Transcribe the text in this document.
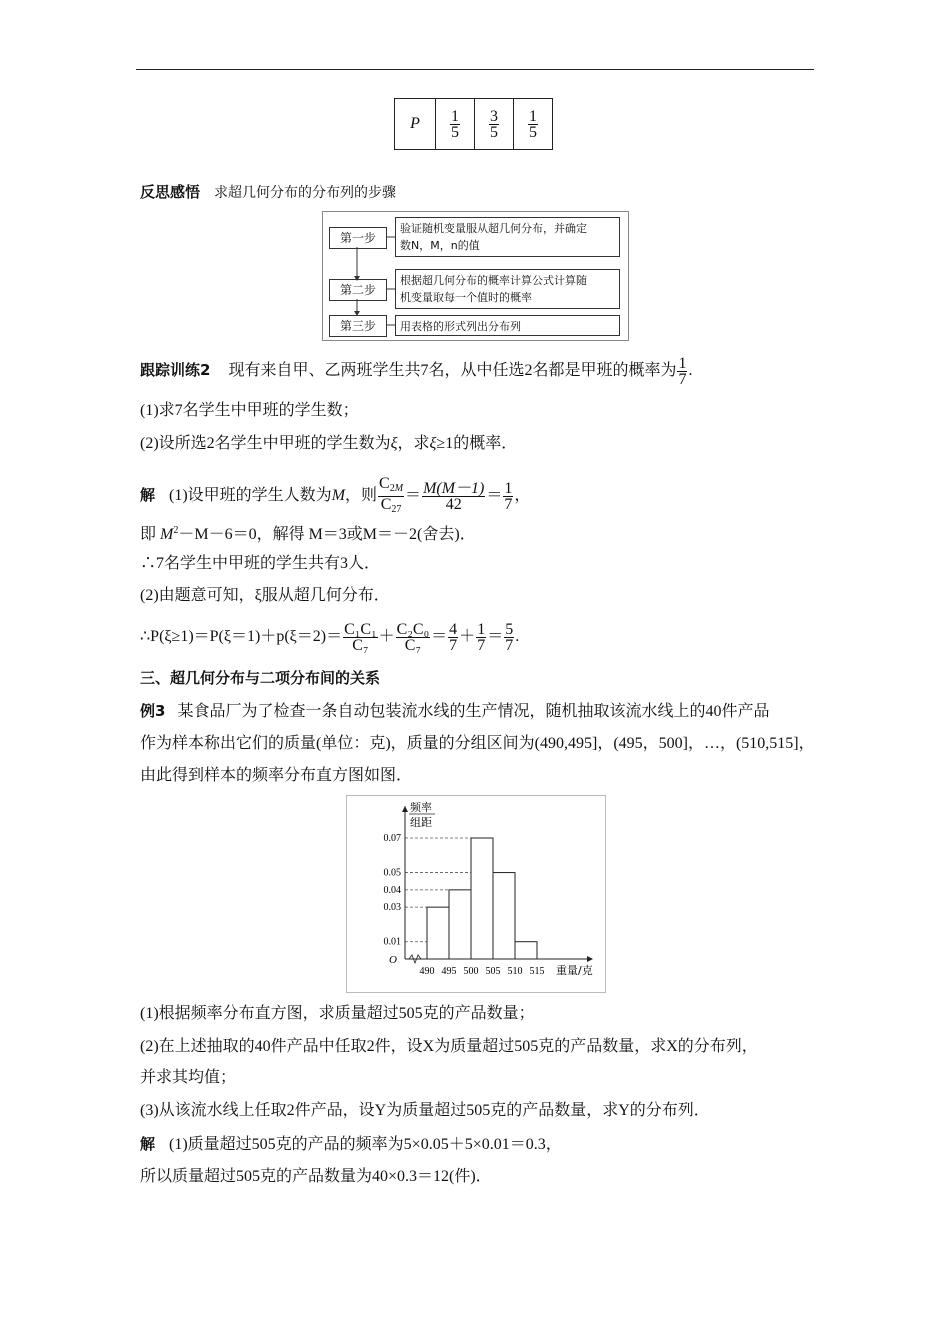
P	$\frac{1}{5}$	$\frac{3}{5}$	$\frac{1}{5}$
反思感悟 求超几何分布的分布列的步骤
第一步
验证随机变量服从超几何分布，并确定
数N，M，n的值
第二步
根据超几何分布的概率计算公式计算随
机变量取每一个值时的概率
第三步	用表格的形式列出分布列
跟踪训练2 现有来自甲、乙两班学生共7名，从中任选2名都是甲班的概率为 $\frac{1}{7}$ .
(1)求7名学生中甲班的学生数；
(2)设所选2名学生中甲班的学生数为ξ，求ξ≥1的概率．
解 (1)设甲班的学生人数为M，则 $\frac{C_{2M}}{C_{27}} = \frac{M(M-1)}{42} = \frac{1}{7}$ ，
即 $M^2-M-6=0$，解得 M＝3或M＝－2(舍去)．
∴7名学生中甲班的学生共有3人．
(2)由题意可知，ξ服从超几何分布．
∴P(ξ≥1)＝P(ξ＝1)＋p(ξ＝2)＝ $\frac{\text{C₁C₁}}{\text{C₇}} + \frac{\text{C₂C₀}}{\text{C₇}} = \frac{4}{7} + \frac{1}{7} = \frac{5}{7}$ .
三、超几何分布与二项分布间的关系
例3 某食品厂为了检查一条自动包装流水线的生产情况，随机抽取该流水线上的40件产品
作为样本称出它们的质量(单位：克)，质量的分组区间为(490,495]，(495，500]，…，(510,515]，
由此得到样本的频率分布直方图如图．
0.01
0.03
0.04
0.05
0.07
490 495 500 505 510 515
O
频率
组距
重量/克
(1)根据频率分布直方图，求质量超过505克的产品数量；
(2)在上述抽取的40件产品中任取2件，设X为质量超过505克的产品数量，求X的分布列，
并求其均值；
(3)从该流水线上任取2件产品，设Y为质量超过505克的产品数量，求Y的分布列．
解 (1)质量超过505克的产品的频率为5×0.05＋5×0.01＝0.3，
所以质量超过505克的产品数量为40×0.3＝12(件)．
